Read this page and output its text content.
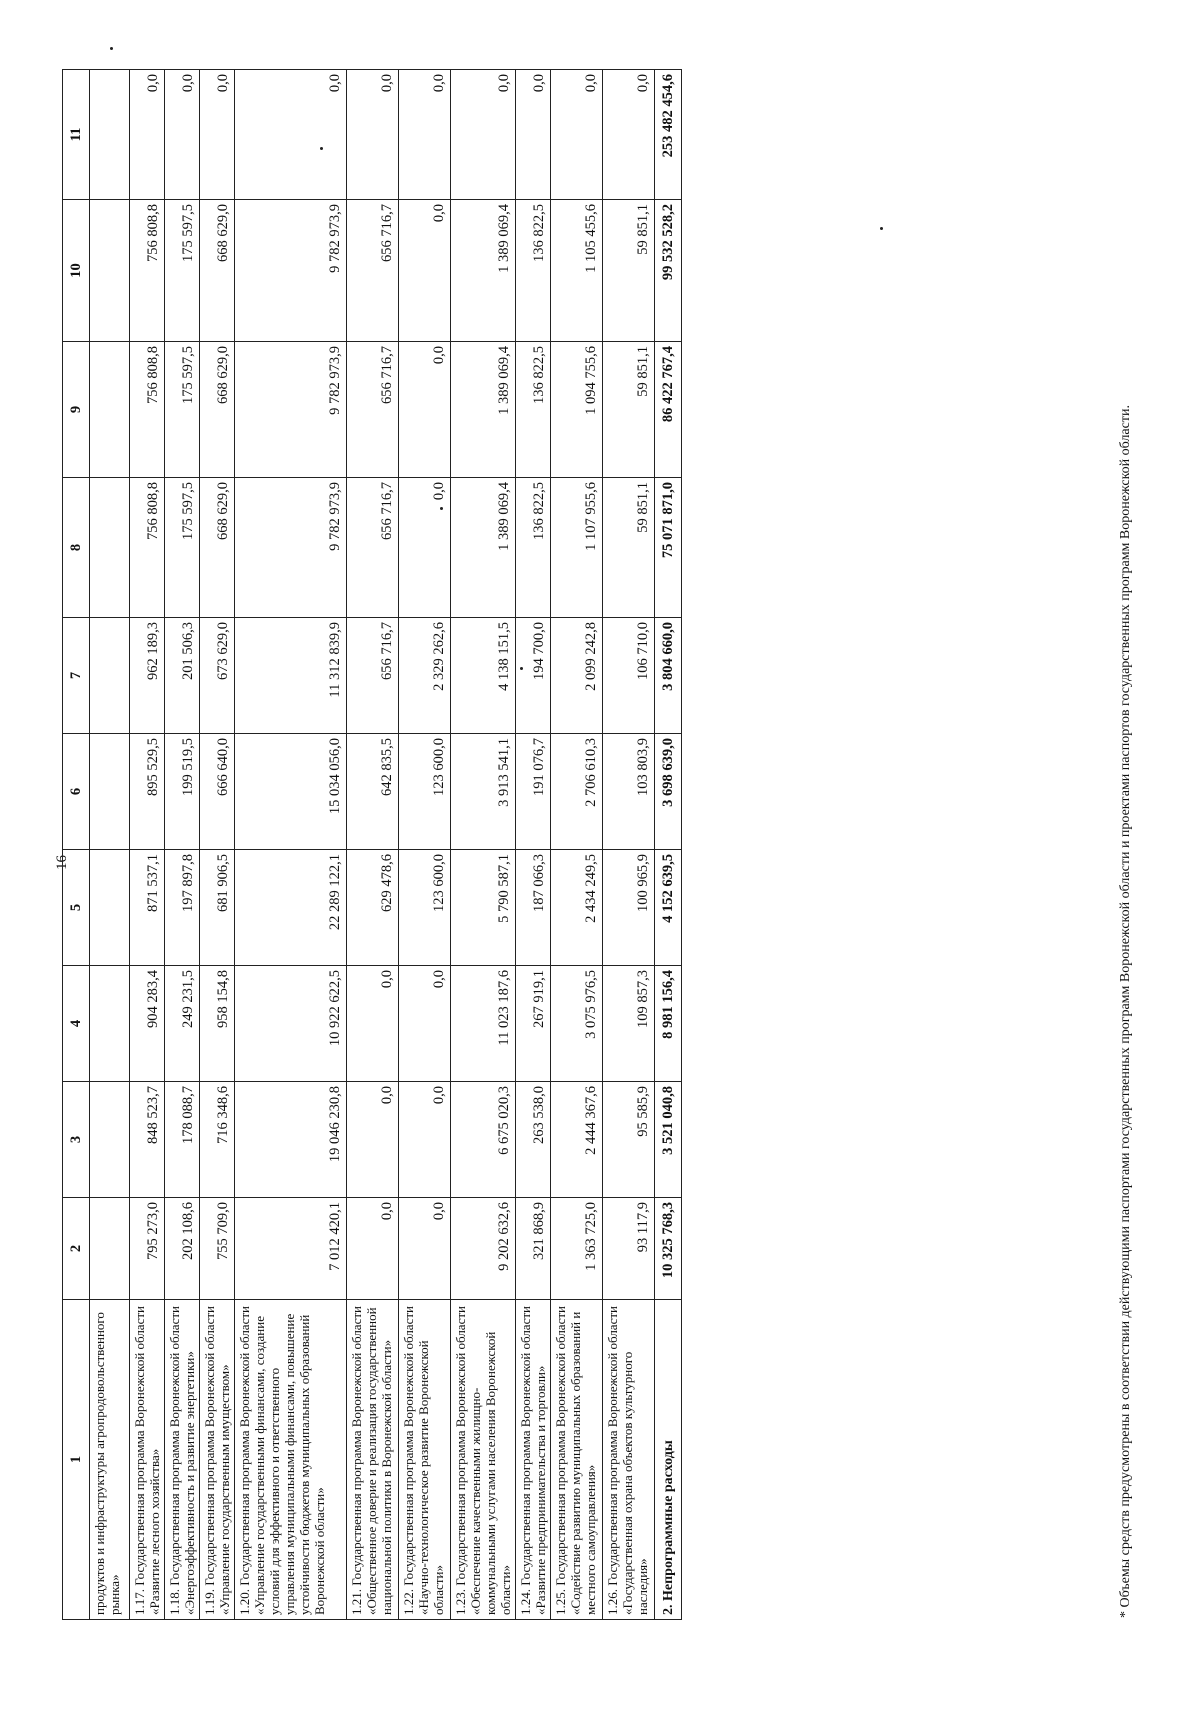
16
1	2	3	4	5	6	7	8	9	10	11
продуктов и инфраструктуры агропродовольственного рынка»										
1.17. Государственная программа Воронежской области «Развитие лесного хозяйства»	795 273,0	848 523,7	904 283,4	871 537,1	895 529,5	962 189,3	756 808,8	756 808,8	756 808,8	0,0
1.18. Государственная программа Воронежской области «Энергоэффективность и развитие энергетики»	202 108,6	178 088,7	249 231,5	197 897,8	199 519,5	201 506,3	175 597,5	175 597,5	175 597,5	0,0
1.19. Государственная программа Воронежской области «Управление государственным имуществом»	755 709,0	716 348,6	958 154,8	681 906,5	666 640,0	673 629,0	668 629,0	668 629,0	668 629,0	0,0
1.20. Государственная программа Воронежской области «Управление государственными финансами, создание условий для эффективного и ответственного управления муниципальными финансами, повышение устойчивости бюджетов муниципальных образований Воронежской области»	7 012 420,1	19 046 230,8	10 922 622,5	22 289 122,1	15 034 056,0	11 312 839,9	9 782 973,9	9 782 973,9	9 782 973,9	0,0
1.21. Государственная программа Воронежской области «Общественное доверие и реализация государственной национальной политики в Воронежской области»	0,0	0,0	0,0	629 478,6	642 835,5	656 716,7	656 716,7	656 716,7	656 716,7	0,0
1.22. Государственная программа Воронежской области «Научно-технологическое развитие Воронежской области»	0,0	0,0	0,0	123 600,0	123 600,0	2 329 262,6	0,0	0,0	0,0	0,0
1.23. Государственная программа Воронежской области «Обеспечение качественными жилищно-коммунальными услугами населения Воронежской области»	9 202 632,6	6 675 020,3	11 023 187,6	5 790 587,1	3 913 541,1	4 138 151,5	1 389 069,4	1 389 069,4	1 389 069,4	0,0
1.24. Государственная программа Воронежской области «Развитие предпринимательства и торговли»	321 868,9	263 538,0	267 919,1	187 066,3	191 076,7	194 700,0	136 822,5	136 822,5	136 822,5	0,0
1.25. Государственная программа Воронежской области «Содействие развитию муниципальных образований и местного самоуправления»	1 363 725,0	2 444 367,6	3 075 976,5	2 434 249,5	2 706 610,3	2 099 242,8	1 107 955,6	1 094 755,6	1 105 455,6	0,0
1.26. Государственная программа Воронежской области «Государственная охрана объектов культурного наследия»	93 117,9	95 585,9	109 857,3	100 965,9	103 803,9	106 710,0	59 851,1	59 851,1	59 851,1	0,0
2. Непрограммные расходы	10 325 768,3	3 521 040,8	8 981 156,4	4 152 639,5	3 698 639,0	3 804 660,0	75 071 871,0	86 422 767,4	99 532 528,2	253 482 454,6
* Объемы средств предусмотрены в соответствии действующими паспортами государственных программ Воронежской области и проектами паспортов государственных программ Воронежской области.
